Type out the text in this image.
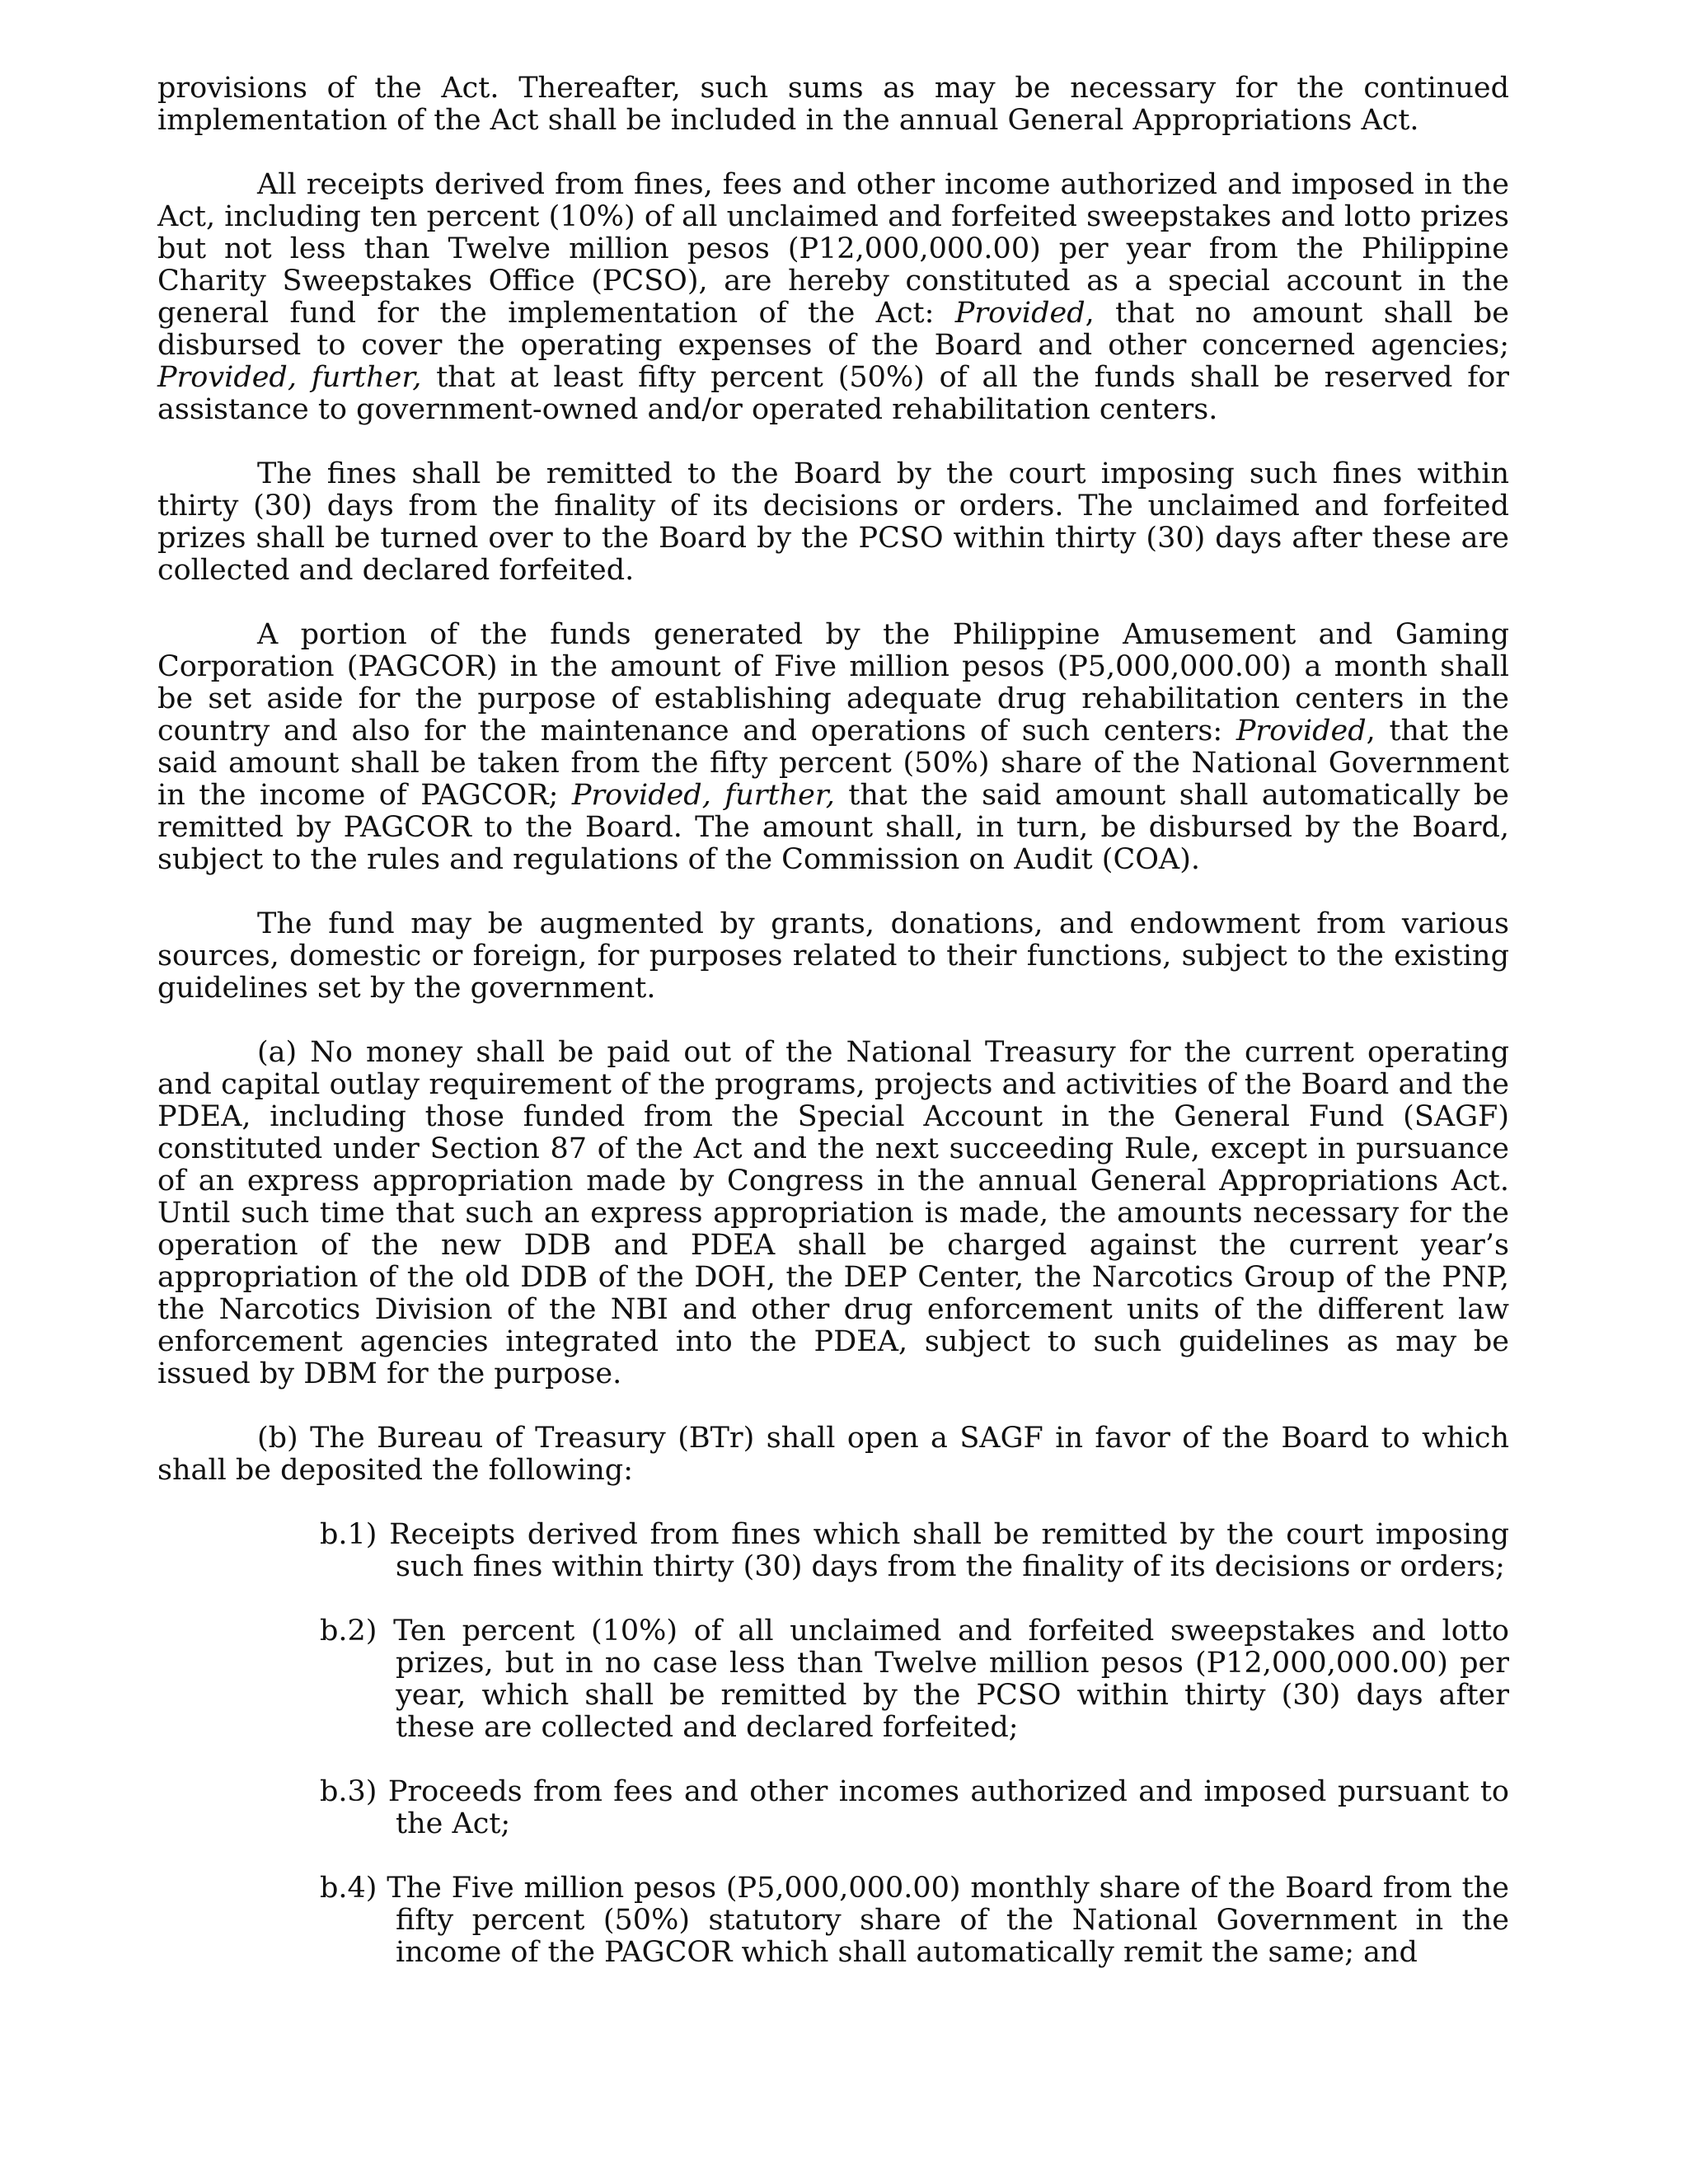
provisions of the Act. Thereafter, such sums as may be necessary for the continued implementation of the Act shall be included in the annual General Appropriations Act.

All receipts derived from fines, fees and other income authorized and imposed in the Act, including ten percent (10%) of all unclaimed and forfeited sweepstakes and lotto prizes but not less than Twelve million pesos (P12,000,000.00) per year from the Philippine Charity Sweepstakes Office (PCSO), are hereby constituted as a special account in the general fund for the implementation of the Act: Provided, that no amount shall be disbursed to cover the operating expenses of the Board and other concerned agencies; Provided, further, that at least fifty percent (50%) of all the funds shall be reserved for assistance to government-owned and/or operated rehabilitation centers.

The fines shall be remitted to the Board by the court imposing such fines within thirty (30) days from the finality of its decisions or orders. The unclaimed and forfeited prizes shall be turned over to the Board by the PCSO within thirty (30) days after these are collected and declared forfeited.

A portion of the funds generated by the Philippine Amusement and Gaming Corporation (PAGCOR) in the amount of Five million pesos (P5,000,000.00) a month shall be set aside for the purpose of establishing adequate drug rehabilitation centers in the country and also for the maintenance and operations of such centers: Provided, that the said amount shall be taken from the fifty percent (50%) share of the National Government in the income of PAGCOR; Provided, further, that the said amount shall automatically be remitted by PAGCOR to the Board. The amount shall, in turn, be disbursed by the Board, subject to the rules and regulations of the Commission on Audit (COA).

The fund may be augmented by grants, donations, and endowment from various sources, domestic or foreign, for purposes related to their functions, subject to the existing guidelines set by the government.

(a) No money shall be paid out of the National Treasury for the current operating and capital outlay requirement of the programs, projects and activities of the Board and the PDEA, including those funded from the Special Account in the General Fund (SAGF) constituted under Section 87 of the Act and the next succeeding Rule, except in pursuance of an express appropriation made by Congress in the annual General Appropriations Act. Until such time that such an express appropriation is made, the amounts necessary for the operation of the new DDB and PDEA shall be charged against the current year’s appropriation of the old DDB of the DOH, the DEP Center, the Narcotics Group of the PNP, the Narcotics Division of the NBI and other drug enforcement units of the different law enforcement agencies integrated into the PDEA, subject to such guidelines as may be issued by DBM for the purpose.

(b) The Bureau of Treasury (BTr) shall open a SAGF in favor of the Board to which shall be deposited the following:

b.1) Receipts derived from fines which shall be remitted by the court imposing such fines within thirty (30) days from the finality of its decisions or orders;

b.2) Ten percent (10%) of all unclaimed and forfeited sweepstakes and lotto prizes, but in no case less than Twelve million pesos (P12,000,000.00) per year, which shall be remitted by the PCSO within thirty (30) days after these are collected and declared forfeited;

b.3) Proceeds from fees and other incomes authorized and imposed pursuant to the Act;

b.4) The Five million pesos (P5,000,000.00) monthly share of the Board from the fifty percent (50%) statutory share of the National Government in the income of the PAGCOR which shall automatically remit the same; and
